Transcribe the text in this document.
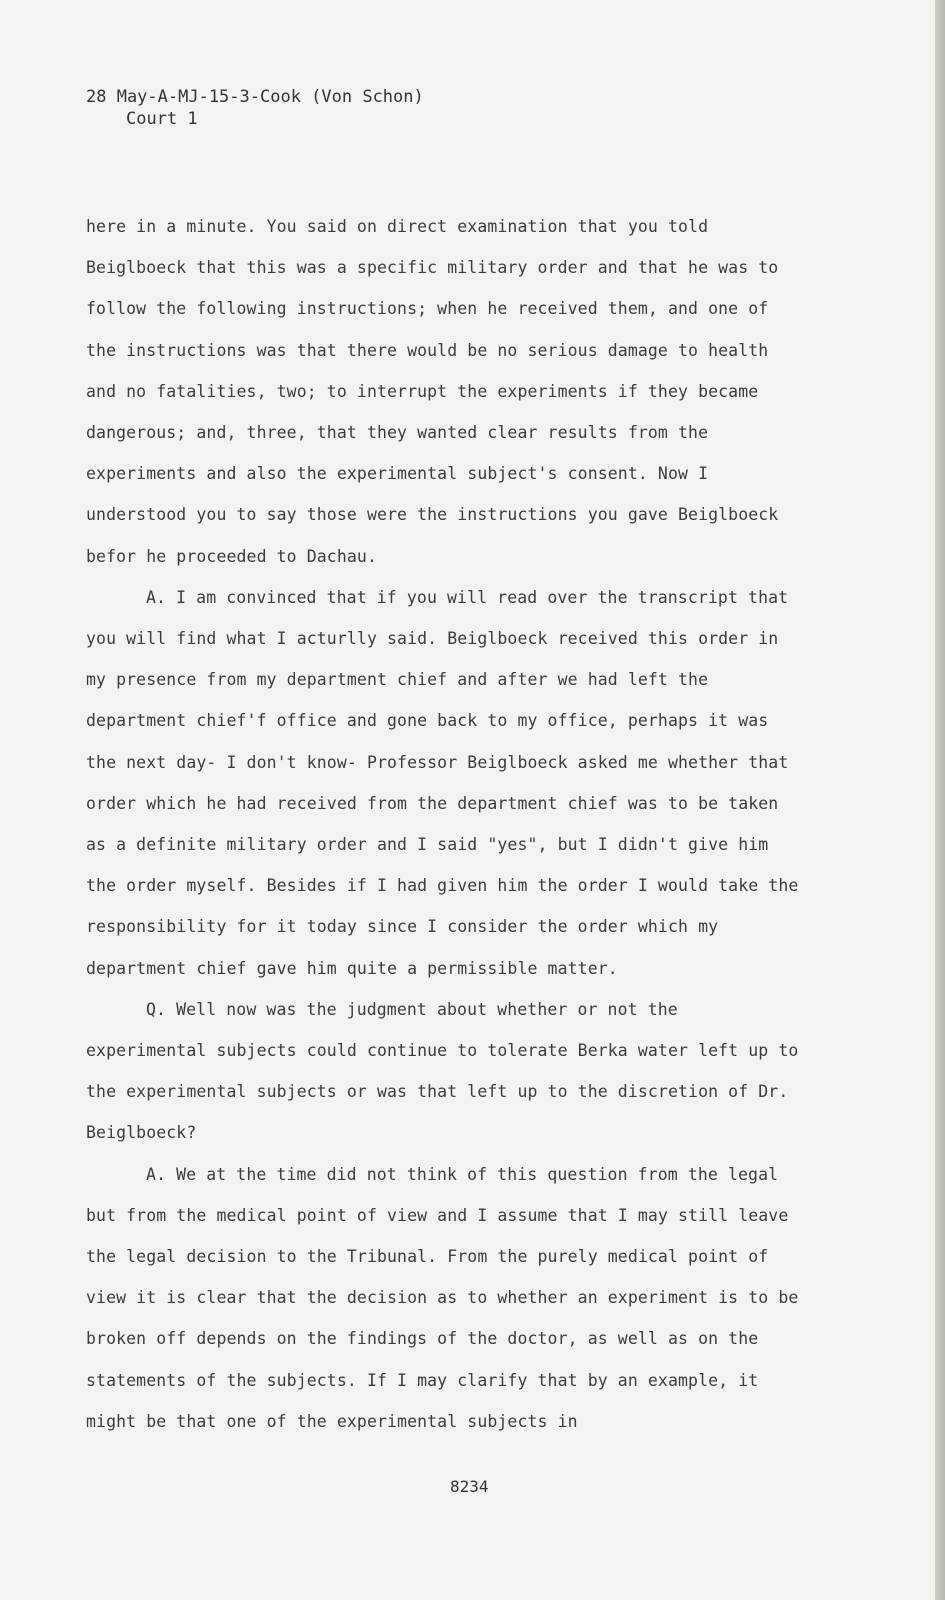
28 May-A-MJ-15-3-Cook (Von Schon)
Court 1

here in a minute. You said on direct examination that you told Beiglboeck that this was a specific military order and that he was to follow the following instructions; when he received them, and one of the instructions was that there would be no serious damage to health and no fatalities, two; to interrupt the experiments if they became dangerous; and, three, that they wanted clear results from the experiments and also the experimental subject's consent. Now I understood you to say those were the instructions you gave Beiglboeck befor he proceeded to Dachau.

A. I am convinced that if you will read over the transcript that you will find what I acturlly said. Beiglboeck received this order in my presence from my department chief and after we had left the department chief'f office and gone back to my office, perhaps it was the next day- I don't know- Professor Beiglboeck asked me whether that order which he had received from the department chief was to be taken as a definite military order and I said "yes", but I didn't give him the order myself. Besides if I had given him the order I would take the responsibility for it today since I consider the order which my department chief gave him quite a permissible matter.

Q. Well now was the judgment about whether or not the experimental subjects could continue to tolerate Berka water left up to the experimental subjects or was that left up to the discretion of Dr. Beiglboeck?

A. We at the time did not think of this question from the legal but from the medical point of view and I assume that I may still leave the legal decision to the Tribunal. From the purely medical point of view it is clear that the decision as to whether an experiment is to be broken off depends on the findings of the doctor, as well as on the statements of the subjects. If I may clarify that by an example, it might be that one of the experimental subjects in

8234
